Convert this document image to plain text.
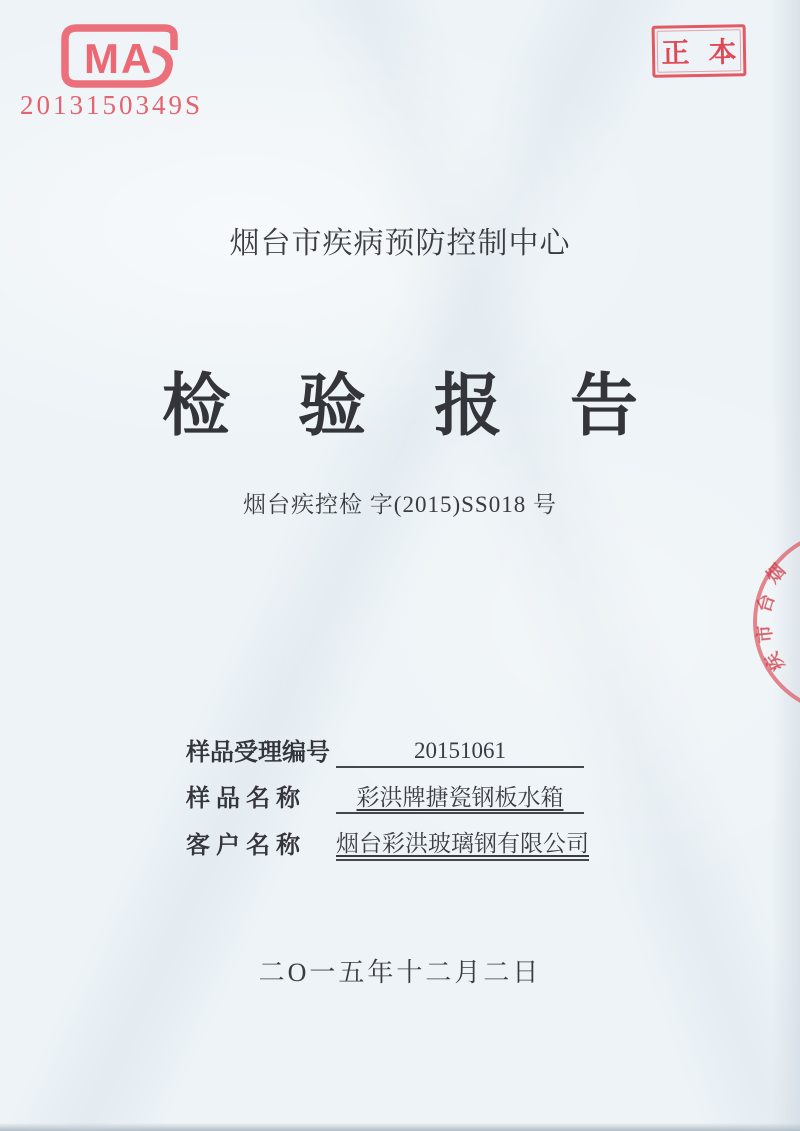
MA
2013150349S
正 本
烟台市疾病预防控制中心
检验报告
烟台疾控检 字(2015)SS018 号
烟
台
市
疾
样品受理编号	20151061
样 品 名 称	彩洪牌搪瓷钢板水箱
客 户 名 称	烟台彩洪玻璃钢有限公司
二O一五年十二月二日
